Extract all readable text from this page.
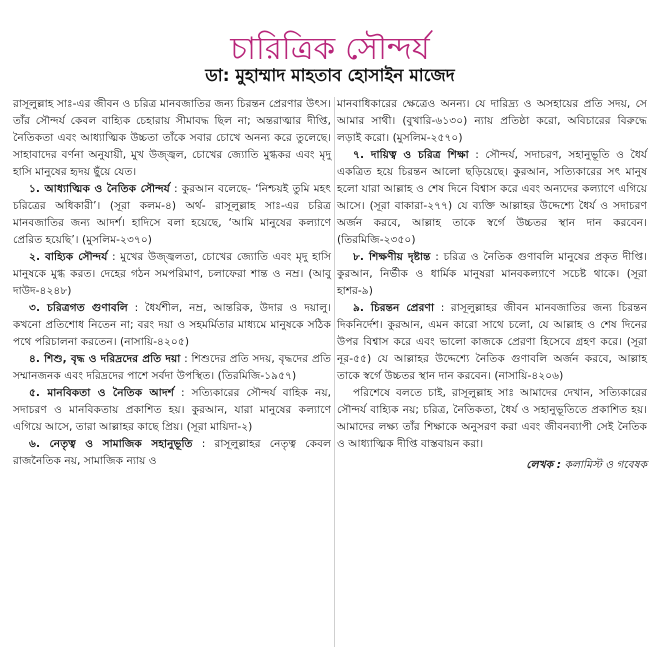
চারিত্রিক সৌন্দর্য
ডা: মুহাম্মাদ মাহতাব হোসাইন মাজেদ

রাসূলুল্লাহ সাঃ-এর জীবন ও চরিত্র মানবজাতির জন্য চিরন্তন প্রেরণার উৎস। তাঁর সৌন্দর্য কেবল বাহ্যিক চেহারায় সীমাবদ্ধ ছিল না; অন্তরাত্মার দীপ্তি, নৈতিকতা এবং আধ্যাত্মিক উচ্চতা তাঁকে সবার চোখে অনন্য করে তুলেছে। সাহাবাদের বর্ণনা অনুযায়ী, মুখ উজ্জ্বল, চোখের জ্যোতি মুগ্ধকর এবং মৃদু হাসি মানুষের হৃদয় ছুঁয়ে যেত।

১. আধ্যাত্মিক ও নৈতিক সৌন্দর্য : কুরআন বলেছে- ‘নিশ্চয়ই তুমি মহৎ চরিত্রের অধিকারী’। (সূরা কলম-৪) অর্থ- রাসূলুল্লাহ সাঃ-এর চরিত্র মানবজাতির জন্য আদর্শ। হাদিসে বলা হয়েছে, ‘আমি মানুষের কল্যাণে প্রেরিত হয়েছি’। (মুসলিম-২৩৭০)

২. বাহ্যিক সৌন্দর্য : মুখের উজ্জ্বলতা, চোখের জ্যোতি এবং মৃদু হাসি মানুষকে মুগ্ধ করত। দেহের গঠন সমপরিমাণ, চলাফেরা শান্ত ও নম্র। (আবু দাউদ-৪২৪৮)

৩. চরিত্রগত গুণাবলি : ধৈর্যশীল, নম্র, আন্তরিক, উদার ও দয়ালু। কখনো প্রতিশোধ নিতেন না; বরং দয়া ও সহমর্মিতার মাধ্যমে মানুষকে সঠিক পথে পরিচালনা করতেন। (নাসায়ি-৪২০৫)

৪. শিশু, বৃদ্ধ ও দরিদ্রদের প্রতি দয়া : শিশুদের প্রতি সদয়, বৃদ্ধদের প্রতি সম্মানজনক এবং দরিদ্রদের পাশে সর্বদা উপস্থিত। (তিরমিজি-১৯৫৭)

৫. মানবিকতা ও নৈতিক আদর্শ : সত্যিকারের সৌন্দর্য বাহিক নয়, সদাচরণ ও মানবিকতায় প্রকাশিত হয়। কুরআন, যারা মানুষের কল্যাণে এগিয়ে আসে, তারা আল্লাহর কাছে প্রিয়। (সূরা মায়িদা-২)

৬. নেতৃত্ব ও সামাজিক সহানুভূতি : রাসূলুল্লাহর নেতৃত্ব কেবল রাজনৈতিক নয়, সামাজিক ন্যায় ও

মানবাধিকারের ক্ষেত্রেও অনন্য। যে দারিদ্র্য ও অসহায়ের প্রতি সদয়, সে আমার সাথী। (বুখারি-৬১৩০) ন্যায় প্রতিষ্ঠা করো, অবিচারের বিরুদ্ধে লড়াই করো। (মুসলিম-২৫৭০)

৭. দায়িত্ব ও চরিত্র শিক্ষা : সৌন্দর্য, সদাচরণ, সহানুভূতি ও ধৈর্য একত্রিত হয়ে চিরন্তন আলো ছড়িয়েছে। কুরআন, সত্যিকারের সৎ মানুষ হলো যারা আল্লাহ ও শেষ দিনে বিশ্বাস করে এবং অন্যদের কল্যাণে এগিয়ে আসে। (সূরা বাকারা-২৭৭) যে ব্যক্তি আল্লাহর উদ্দেশ্যে ধৈর্য ও সদাচরণ অর্জন করবে, আল্লাহ তাকে স্বর্গে উচ্চতর স্থান দান করবেন। (তিরমিজি-২৩৫০)

৮. শিক্ষণীয় দৃষ্টান্ত : চরিত্র ও নৈতিক গুণাবলি মানুষের প্রকৃত দীপ্তি। কুরআন, নির্ভীক ও ধার্মিক মানুষরা মানবকল্যাণে সচেষ্ট থাকে। (সূরা হাশর-৯)

৯. চিরন্তন প্রেরণা : রাসূলুল্লাহর জীবন মানবজাতির জন্য চিরন্তন দিকনির্দেশ। কুরআন, এমন কারো সাথে চলো, যে আল্লাহ ও শেষ দিনের উপর বিশ্বাস করে এবং ভালো কাজকে প্রেরণা হিসেবে গ্রহণ করে। (সূরা নূর-৫৫) যে আল্লাহর উদ্দেশ্যে নৈতিক গুণাবলি অর্জন করবে, আল্লাহ তাকে স্বর্গে উচ্চতর স্থান দান করবেন। (নাসায়ি-৪২০৬)

পরিশেষে বলতে চাই, রাসূলুল্লাহ সাঃ আমাদের দেখান, সত্যিকারের সৌন্দর্য বাহ্যিক নয়; চরিত্র, নৈতিকতা, ধৈর্য ও সহানুভূতিতে প্রকাশিত হয়। আমাদের লক্ষ্য তাঁর শিক্ষাকে অনুসরণ করা এবং জীবনব্যাপী সেই নৈতিক ও আধ্যাত্মিক দীপ্তি বাস্তবায়ন করা।

লেখক : কলামিস্ট ও গবেষক
